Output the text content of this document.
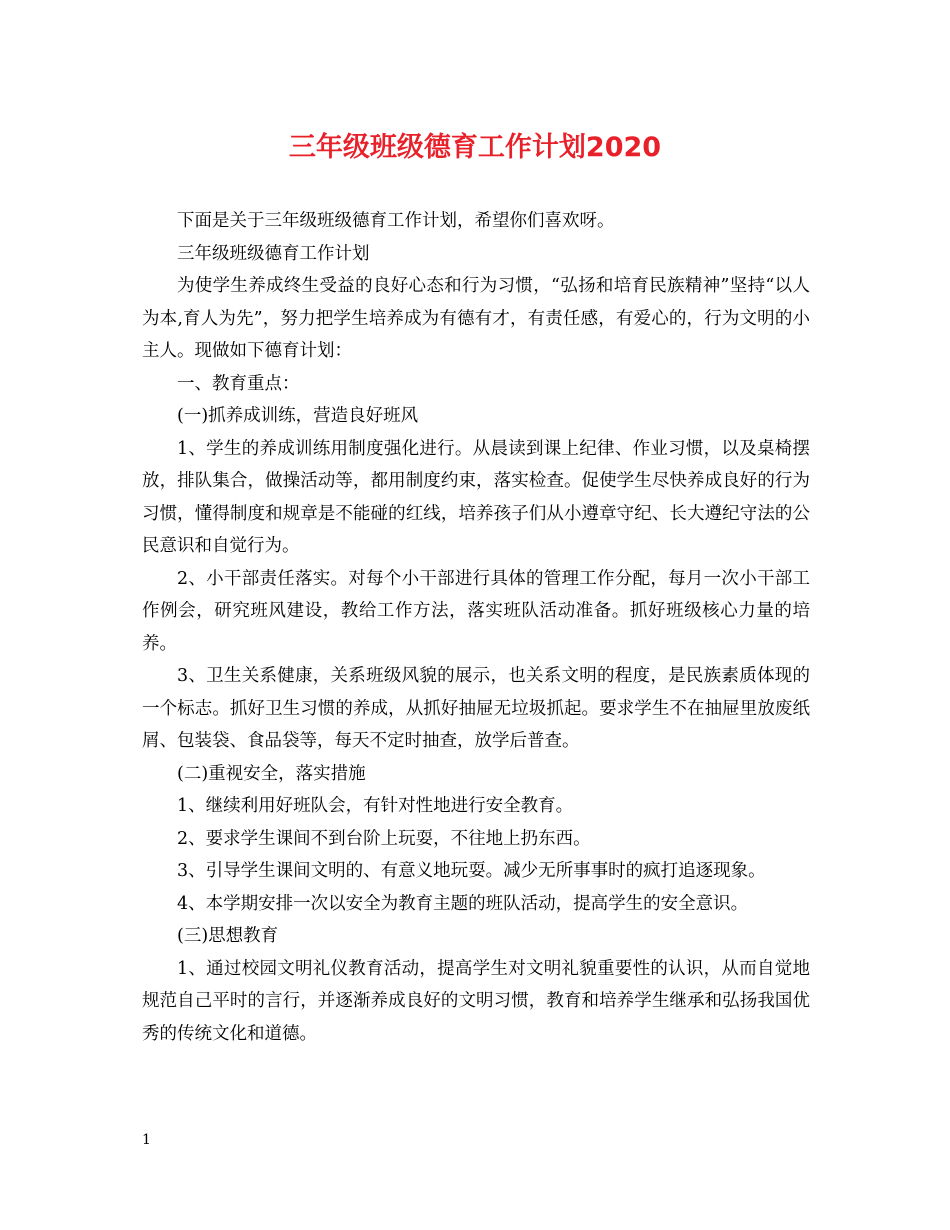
三年级班级德育工作计划2020

下面是关于三年级班级德育工作计划，希望你们喜欢呀。

三年级班级德育工作计划

为使学生养成终生受益的良好心态和行为习惯，“弘扬和培育民族精神”坚持“以人为本,育人为先”，努力把学生培养成为有德有才，有责任感，有爱心的，行为文明的小主人。现做如下德育计划：

一、教育重点：

(一)抓养成训练，营造良好班风

1、学生的养成训练用制度强化进行。从晨读到课上纪律、作业习惯，以及桌椅摆放，排队集合，做操活动等，都用制度约束，落实检查。促使学生尽快养成良好的行为习惯，懂得制度和规章是不能碰的红线，培养孩子们从小遵章守纪、长大遵纪守法的公民意识和自觉行为。

2、小干部责任落实。对每个小干部进行具体的管理工作分配，每月一次小干部工作例会，研究班风建设，教给工作方法，落实班队活动准备。抓好班级核心力量的培养。

3、卫生关系健康，关系班级风貌的展示，也关系文明的程度，是民族素质体现的一个标志。抓好卫生习惯的养成，从抓好抽屉无垃圾抓起。要求学生不在抽屉里放废纸屑、包装袋、食品袋等，每天不定时抽查，放学后普查。

(二)重视安全，落实措施

1、继续利用好班队会，有针对性地进行安全教育。

2、要求学生课间不到台阶上玩耍，不往地上扔东西。

3、引导学生课间文明的、有意义地玩耍。减少无所事事时的疯打追逐现象。

4、本学期安排一次以安全为教育主题的班队活动，提高学生的安全意识。

(三)思想教育

1、通过校园文明礼仪教育活动，提高学生对文明礼貌重要性的认识，从而自觉地规范自己平时的言行，并逐渐养成良好的文明习惯，教育和培养学生继承和弘扬我国优秀的传统文化和道德。

1
